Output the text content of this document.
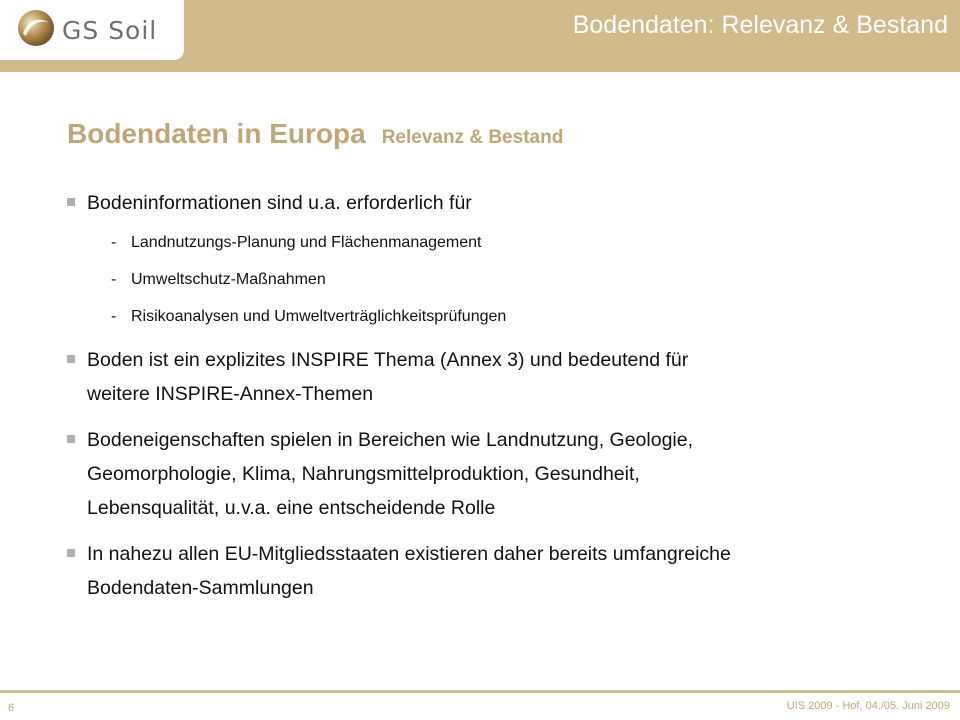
GS Soil	Bodendaten: Relevanz & Bestand
Bodendaten in Europa Relevanz & Bestand
Bodeninformationen sind u.a. erforderlich für
- Landnutzungs-Planung und Flächenmanagement
- Umweltschutz-Maßnahmen
- Risikoanalysen und Umweltverträglichkeitsprüfungen
Boden ist ein explizites INSPIRE Thema (Annex 3) und bedeutend für
weitere INSPIRE-Annex-Themen
Bodeneigenschaften spielen in Bereichen wie Landnutzung, Geologie,
Geomorphologie, Klima, Nahrungsmittelproduktion, Gesundheit,
Lebensqualität, u.v.a. eine entscheidende Rolle
In nahezu allen EU-Mitgliedsstaaten existieren daher bereits umfangreiche
Bodendaten-Sammlungen
6	UIS 2009 - Hof, 04./05. Juni 2009
